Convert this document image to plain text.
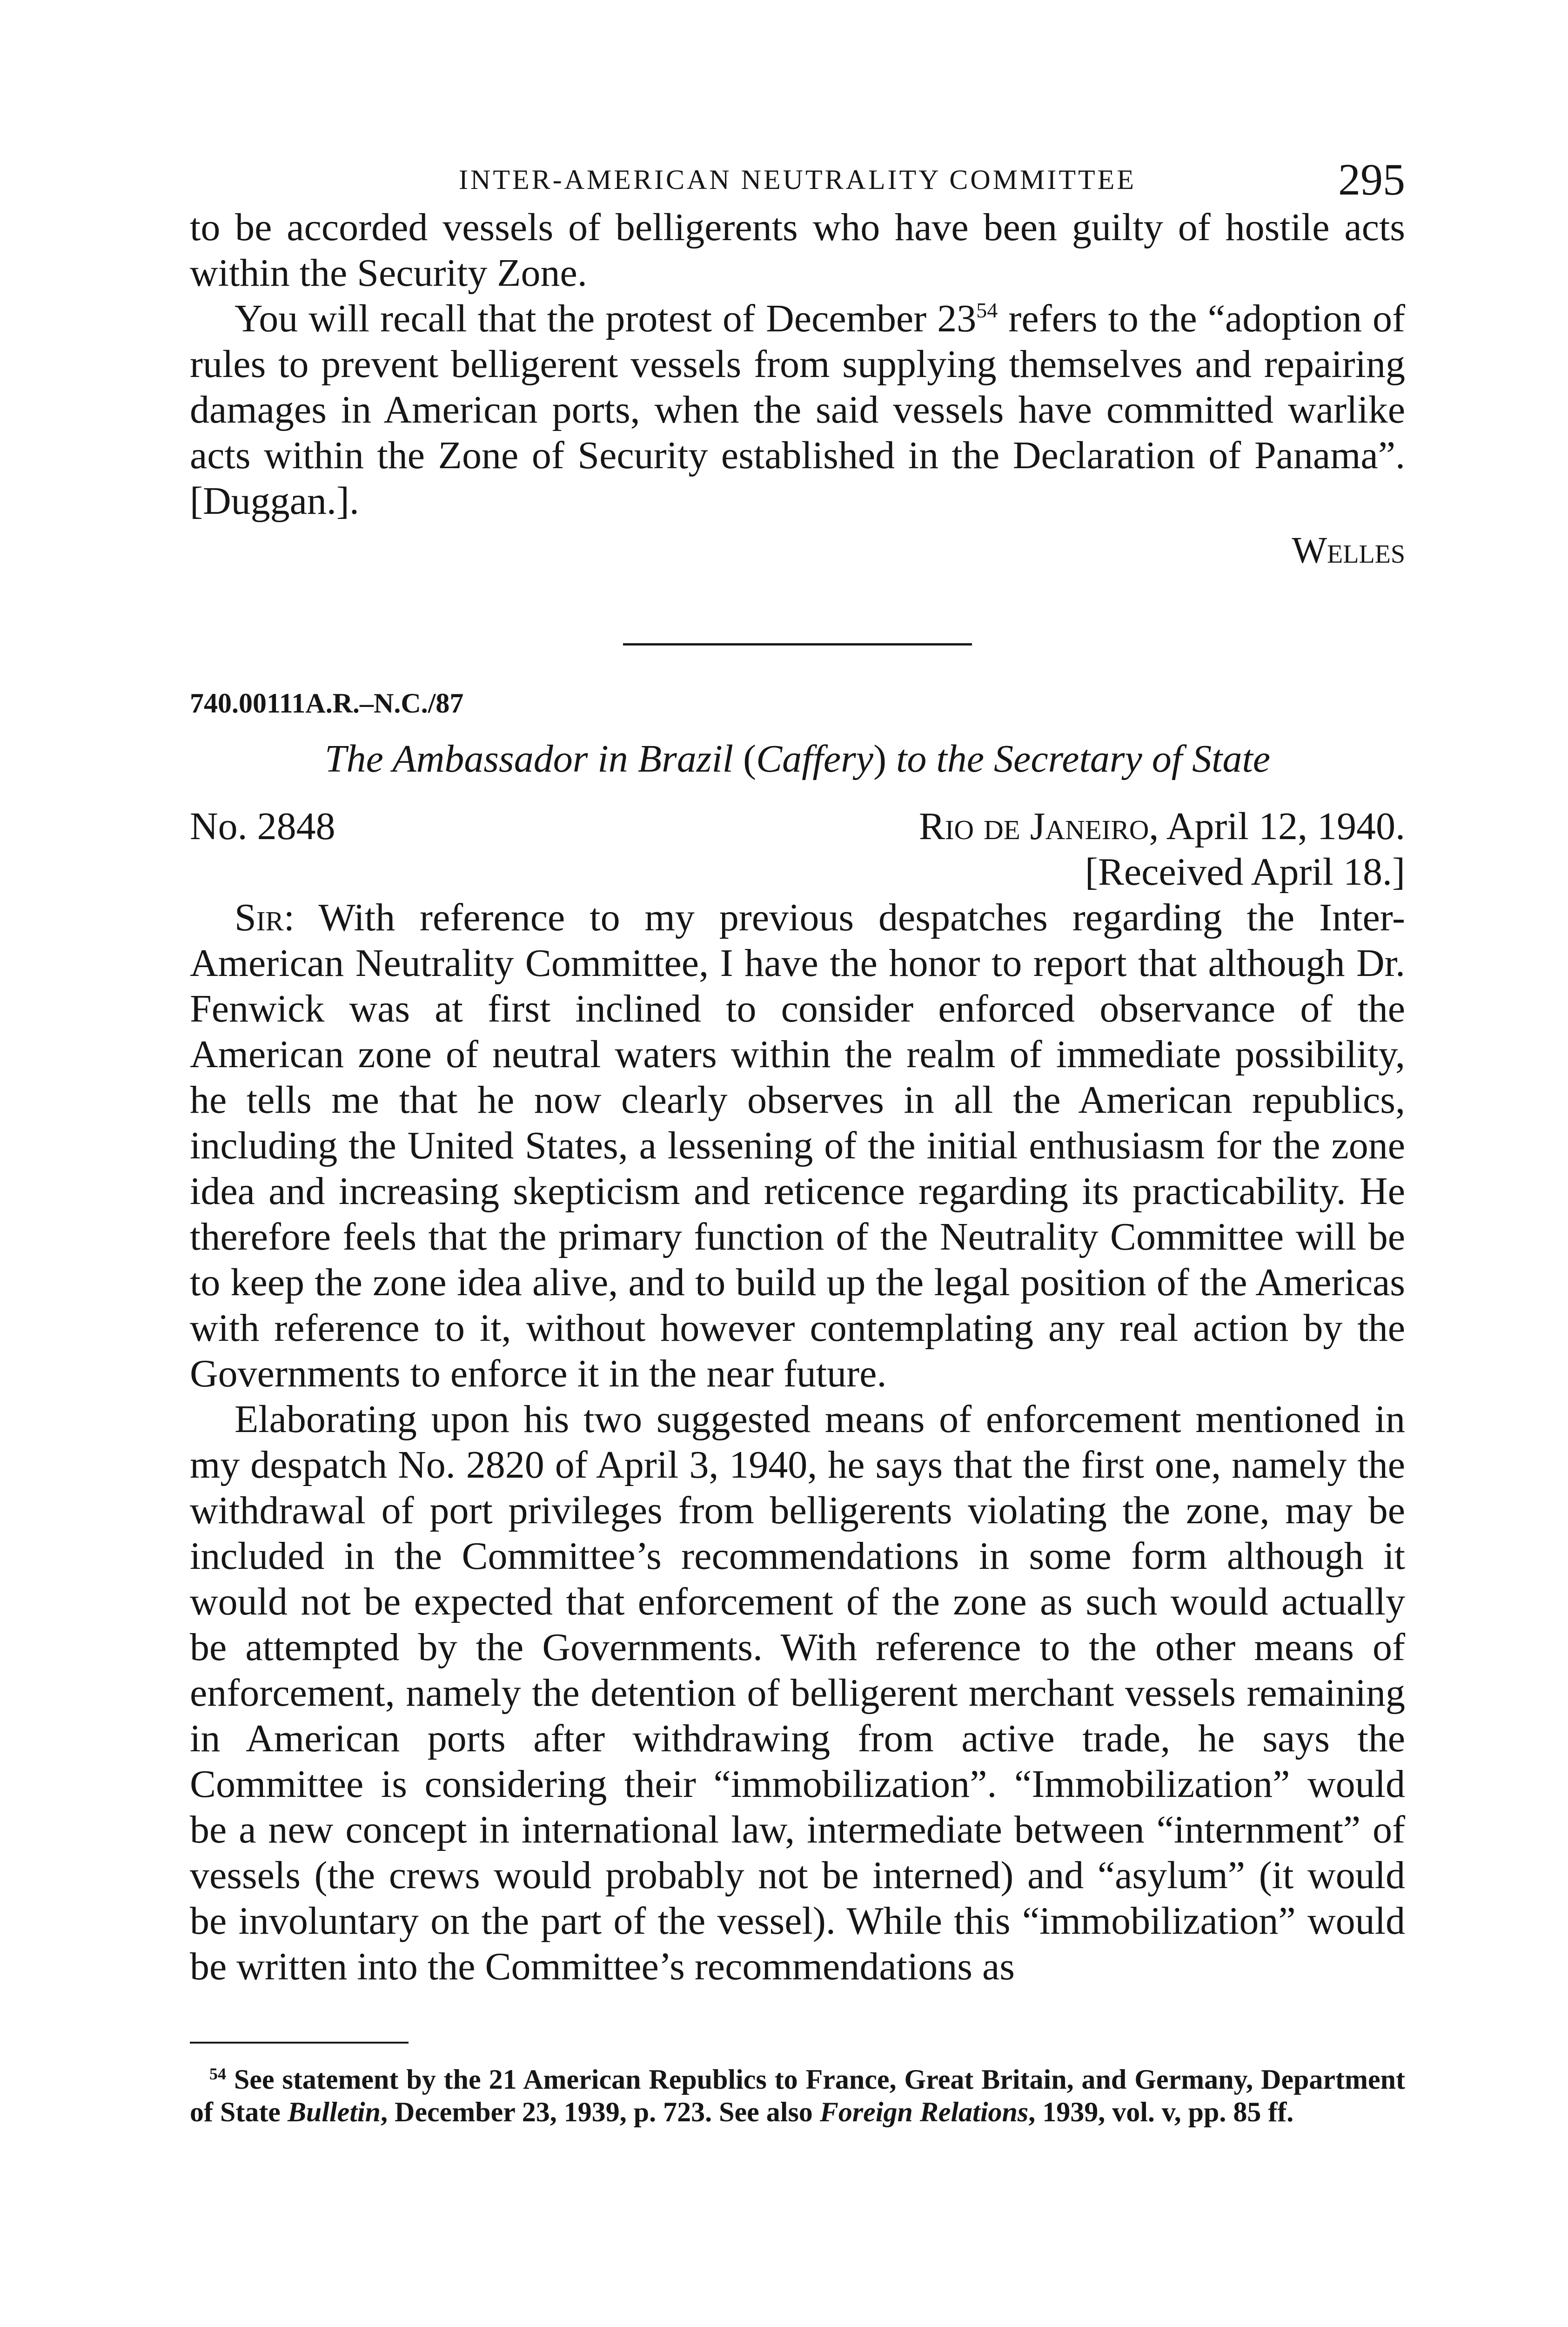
INTER-AMERICAN NEUTRALITY COMMITTEE	295

to be accorded vessels of belligerents who have been guilty of hostile acts within the Security Zone.

You will recall that the protest of December $23^{54}$ refers to the “adoption of rules to prevent belligerent vessels from supplying themselves and repairing damages in American ports, when the said vessels have committed warlike acts within the Zone of Security established in the Declaration of Panama”. [Duggan.].

Welles
740.00111A.R.–N.C./87
The Ambassador in Brazil (Caffery) to the Secretary of State
No. 2848	Rio de Janeiro, April 12, 1940.
[Received April 18.]

Sir: With reference to my previous despatches regarding the Inter-American Neutrality Committee, I have the honor to report that although Dr. Fenwick was at first inclined to consider enforced observance of the American zone of neutral waters within the realm of immediate possibility, he tells me that he now clearly observes in all the American republics, including the United States, a lessening of the initial enthusiasm for the zone idea and increasing skepticism and reticence regarding its practicability. He therefore feels that the primary function of the Neutrality Committee will be to keep the zone idea alive, and to build up the legal position of the Americas with reference to it, without however contemplating any real action by the Governments to enforce it in the near future.

Elaborating upon his two suggested means of enforcement mentioned in my despatch No. 2820 of April 3, 1940, he says that the first one, namely the withdrawal of port privileges from belligerents violating the zone, may be included in the Committee’s recommendations in some form although it would not be expected that enforcement of the zone as such would actually be attempted by the Governments. With reference to the other means of enforcement, namely the detention of belligerent merchant vessels remaining in American ports after withdrawing from active trade, he says the Committee is considering their “immobilization”. “Immobilization” would be a new concept in international law, intermediate between “internment” of vessels (the crews would probably not be interned) and “asylum” (it would be involuntary on the part of the vessel). While this “immobilization” would be written into the Committee’s recommendations as

$^{54}$ See statement by the 21 American Republics to France, Great Britain, and Germany, Department of State Bulletin, December 23, 1939, p. 723. See also Foreign Relations, 1939, vol. v, pp. 85 ff.
